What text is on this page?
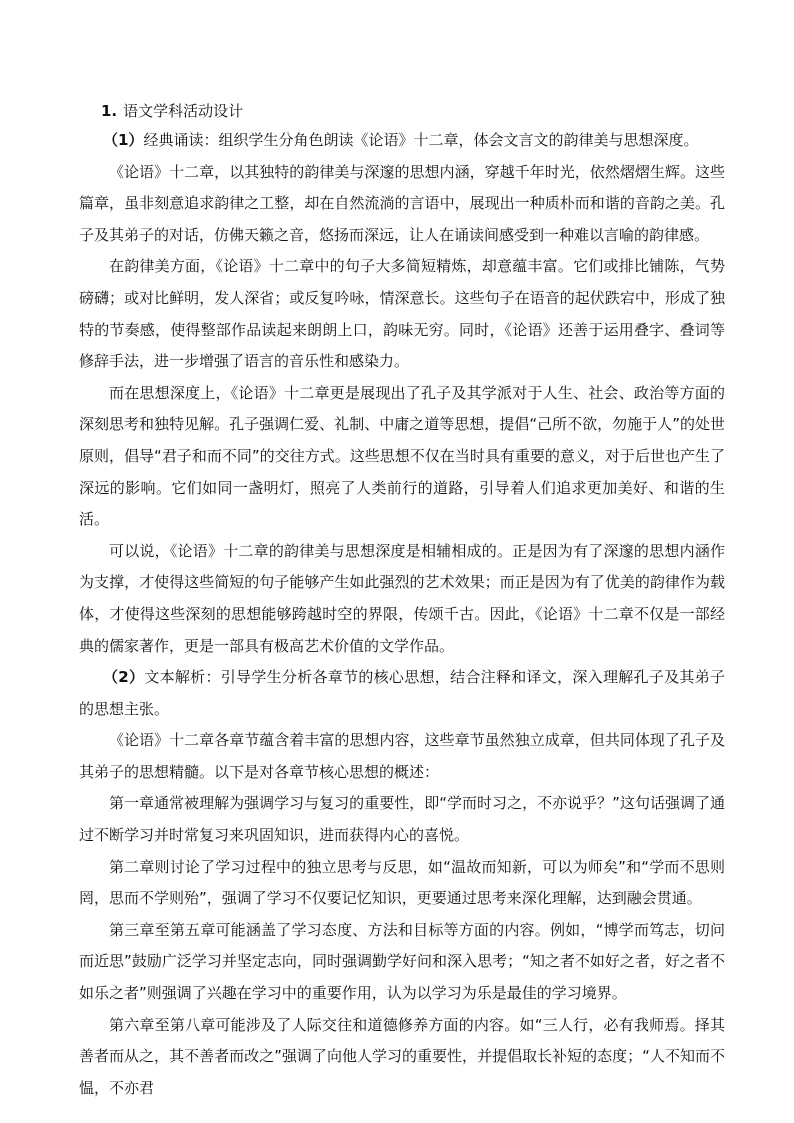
1. 语文学科活动设计

（1）经典诵读：组织学生分角色朗读《论语》十二章，体会文言文的韵律美与思想深度。

《论语》十二章，以其独特的韵律美与深邃的思想内涵，穿越千年时光，依然熠熠生辉。这些篇章，虽非刻意追求韵律之工整，却在自然流淌的言语中，展现出一种质朴而和谐的音韵之美。孔子及其弟子的对话，仿佛天籁之音，悠扬而深远，让人在诵读间感受到一种难以言喻的韵律感。

在韵律美方面，《论语》十二章中的句子大多简短精炼，却意蕴丰富。它们或排比铺陈，气势磅礴；或对比鲜明，发人深省；或反复吟咏，情深意长。这些句子在语音的起伏跌宕中，形成了独特的节奏感，使得整部作品读起来朗朗上口，韵味无穷。同时，《论语》还善于运用叠字、叠词等修辞手法，进一步增强了语言的音乐性和感染力。

而在思想深度上，《论语》十二章更是展现出了孔子及其学派对于人生、社会、政治等方面的深刻思考和独特见解。孔子强调仁爱、礼制、中庸之道等思想，提倡“己所不欲，勿施于人”的处世原则，倡导“君子和而不同”的交往方式。这些思想不仅在当时具有重要的意义，对于后世也产生了深远的影响。它们如同一盏明灯，照亮了人类前行的道路，引导着人们追求更加美好、和谐的生活。

可以说，《论语》十二章的韵律美与思想深度是相辅相成的。正是因为有了深邃的思想内涵作为支撑，才使得这些简短的句子能够产生如此强烈的艺术效果；而正是因为有了优美的韵律作为载体，才使得这些深刻的思想能够跨越时空的界限，传颂千古。因此，《论语》十二章不仅是一部经典的儒家著作，更是一部具有极高艺术价值的文学作品。

（2）文本解析：引导学生分析各章节的核心思想，结合注释和译文，深入理解孔子及其弟子的思想主张。

《论语》十二章各章节蕴含着丰富的思想内容，这些章节虽然独立成章，但共同体现了孔子及其弟子的思想精髓。以下是对各章节核心思想的概述：

第一章通常被理解为强调学习与复习的重要性，即“学而时习之，不亦说乎？”这句话强调了通过不断学习并时常复习来巩固知识，进而获得内心的喜悦。

第二章则讨论了学习过程中的独立思考与反思，如“温故而知新，可以为师矣”和“学而不思则罔，思而不学则殆”，强调了学习不仅要记忆知识，更要通过思考来深化理解，达到融会贯通。

第三章至第五章可能涵盖了学习态度、方法和目标等方面的内容。例如，“博学而笃志，切问而近思”鼓励广泛学习并坚定志向，同时强调勤学好问和深入思考；“知之者不如好之者，好之者不如乐之者”则强调了兴趣在学习中的重要作用，认为以学习为乐是最佳的学习境界。

第六章至第八章可能涉及了人际交往和道德修养方面的内容。如“三人行，必有我师焉。择其善者而从之，其不善者而改之”强调了向他人学习的重要性，并提倡取长补短的态度；“人不知而不愠，不亦君
